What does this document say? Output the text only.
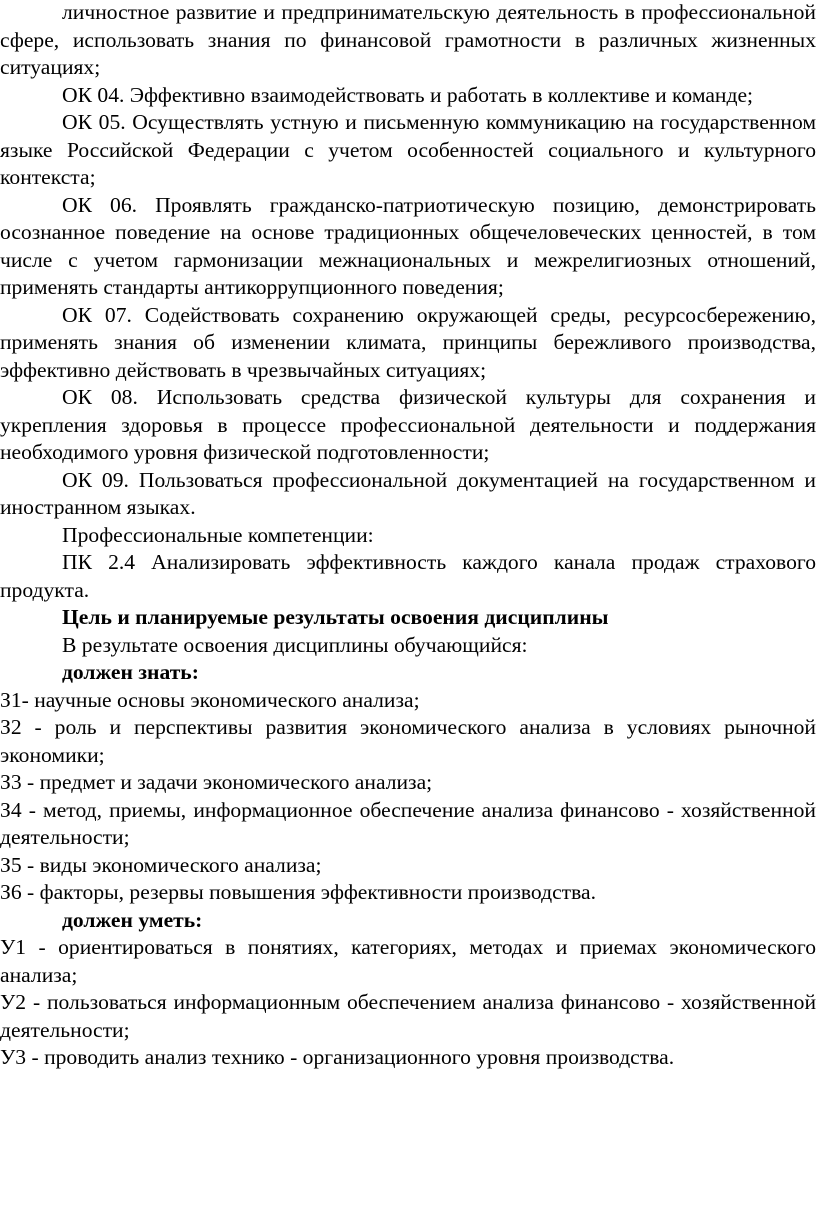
личностное развитие и предпринимательскую деятельность в профессиональной сфере, использовать знания по финансовой грамотности в различных жизненных ситуациях;

ОК 04. Эффективно взаимодействовать и работать в коллективе и команде;

ОК 05. Осуществлять устную и письменную коммуникацию на государственном языке Российской Федерации с учетом особенностей социального и культурного контекста;

ОК 06. Проявлять гражданско-патриотическую позицию, демонстрировать осознанное поведение на основе традиционных общечеловеческих ценностей, в том числе с учетом гармонизации межнациональных и межрелигиозных отношений, применять стандарты антикоррупционного поведения;

ОК 07. Содействовать сохранению окружающей среды, ресурсосбережению, применять знания об изменении климата, принципы бережливого производства, эффективно действовать в чрезвычайных ситуациях;

ОК 08. Использовать средства физической культуры для сохранения и укрепления здоровья в процессе профессиональной деятельности и поддержания необходимого уровня физической подготовленности;

ОК 09. Пользоваться профессиональной документацией на государственном и иностранном языках.

Профессиональные компетенции:

ПК 2.4 Анализировать эффективность каждого канала продаж страхового продукта.

Цель и планируемые результаты освоения дисциплины

В результате освоения дисциплины обучающийся:

должен знать:

З1- научные основы экономического анализа;

З2 - роль и перспективы развития экономического анализа в условиях рыночной экономики;

З3 - предмет и задачи экономического анализа;

З4 - метод, приемы, информационное обеспечение анализа финансово - хозяйственной деятельности;

З5 - виды экономического анализа;

З6 - факторы, резервы повышения эффективности производства.

должен уметь:

У1 - ориентироваться в понятиях, категориях, методах и приемах экономического анализа;

У2 - пользоваться информационным обеспечением анализа финансово - хозяйственной деятельности;

У3 - проводить анализ технико - организационного уровня производства.
